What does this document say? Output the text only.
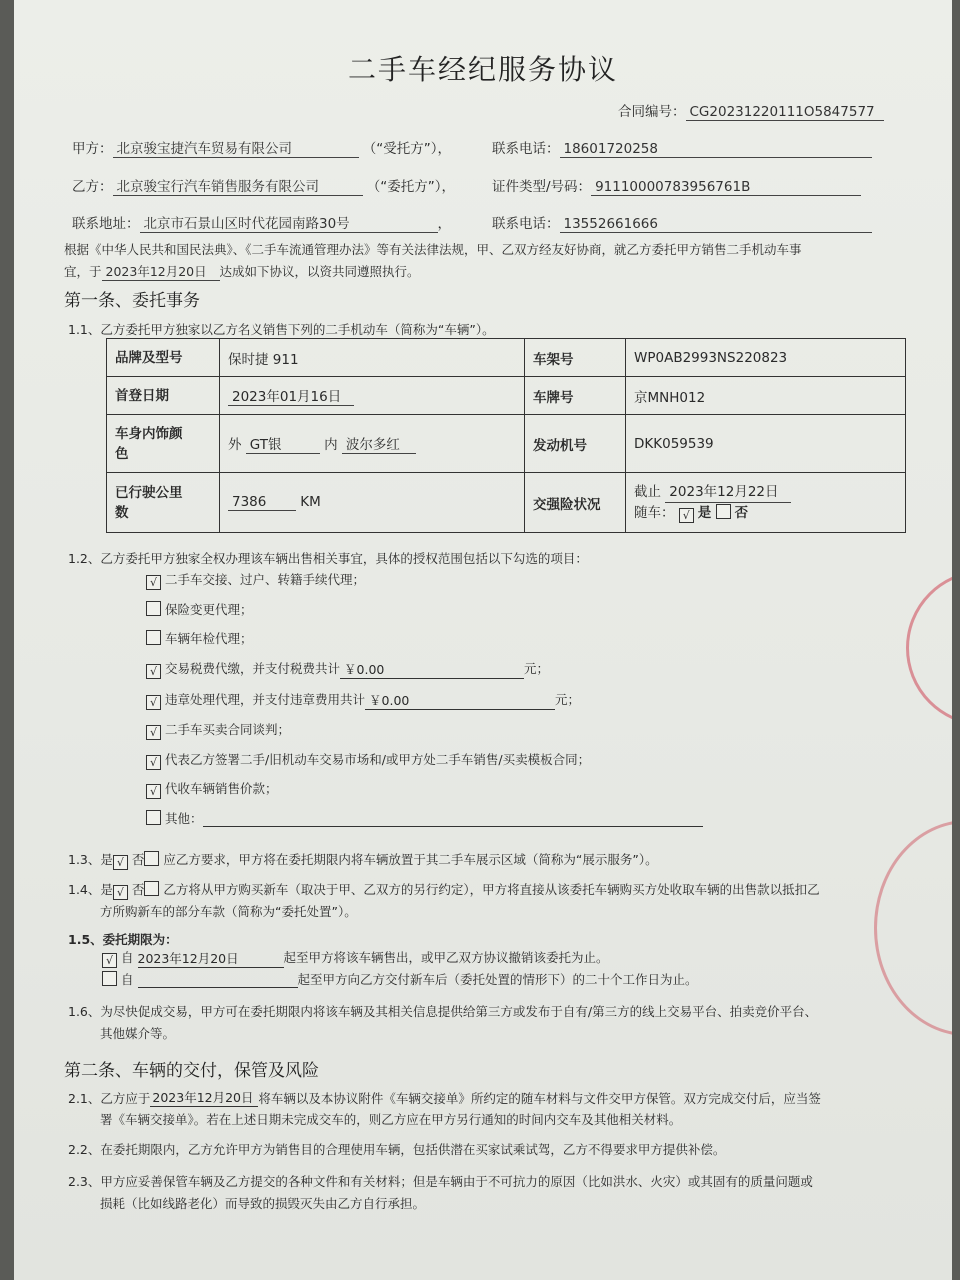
二手车经纪服务协议
合同编号： CG20231220111O5847577
甲方： 北京骏宝捷汽车贸易有限公司	（“受托方”），	联系电话： 18601720258
乙方： 北京骏宝行汽车销售服务有限公司	（“委托方”），	证件类型/号码： 91110000783956761B
联系地址： 北京市石景山区时代花园南路30号	，	联系电话： 13552661666
根据《中华人民共和国民法典》、《二手车流通管理办法》等有关法律法规，甲、乙双方经友好协商，就乙方委托甲方销售二手机动车事
宜，于 2023年12月20日 达成如下协议，以资共同遵照执行。
第一条、委托事务
1.1、乙方委托甲方独家以乙方名义销售下列的二手机动车（简称为“车辆”）。
品牌及型号	保时捷 911	车架号	WP0AB2993NS220823
首登日期	2023年01月16日	车牌号	京MNH012
车身内饰颜
色	外 GT银 内 波尔多红	发动机号	DKK059539
已行驶公里
数	7386 KM	交强险状况	截止 2023年12月22日
随车： √ 是 否
1.2、乙方委托甲方独家全权办理该车辆出售相关事宜，具体的授权范围包括以下勾选的项目：
√ 二手车交接、过户、转籍手续代理；
保险变更代理；
车辆年检代理；
√ 交易税费代缴，并支付税费共计 ￥0.00	元；
√ 违章处理代理，并支付违章费用共计 ￥0.00	元；
√ 二手车买卖合同谈判；
√ 代表乙方签署二手/旧机动车交易市场和/或甲方处二手车销售/买卖模板合同；
√ 代收车辆销售价款；
其他：
1.3、是 √ 否 应乙方要求，甲方将在委托期限内将车辆放置于其二手车展示区域（简称为“展示服务”）。
1.4、是 √ 否 乙方将从甲方购买新车（取决于甲、乙双方的另行约定），甲方将直接从该委托车辆购买方处收取车辆的出售款以抵扣乙
方所购新车的部分车款（简称为“委托处置”）。
1.5、委托期限为：
√ 自 2023年12月20日	起至甲方将该车辆售出，或甲乙双方协议撤销该委托为止。
自	起至甲方向乙方交付新车后（委托处置的情形下）的二十个工作日为止。
1.6、为尽快促成交易，甲方可在委托期限内将该车辆及其相关信息提供给第三方或发布于自有/第三方的线上交易平台、拍卖竞价平台、
其他媒介等。
第二条、车辆的交付，保管及风险
2.1、乙方应于 2023年12月20日 将车辆以及本协议附件《车辆交接单》所约定的随车材料与文件交甲方保管。双方完成交付后，应当签
署《车辆交接单》。若在上述日期未完成交车的，则乙方应在甲方另行通知的时间内交车及其他相关材料。
2.2、在委托期限内，乙方允许甲方为销售目的合理使用车辆，包括供潜在买家试乘试驾，乙方不得要求甲方提供补偿。
2.3、甲方应妥善保管车辆及乙方提交的各种文件和有关材料；但是车辆由于不可抗力的原因（比如洪水、火灾）或其固有的质量问题或
损耗（比如线路老化）而导致的损毁灭失由乙方自行承担。
